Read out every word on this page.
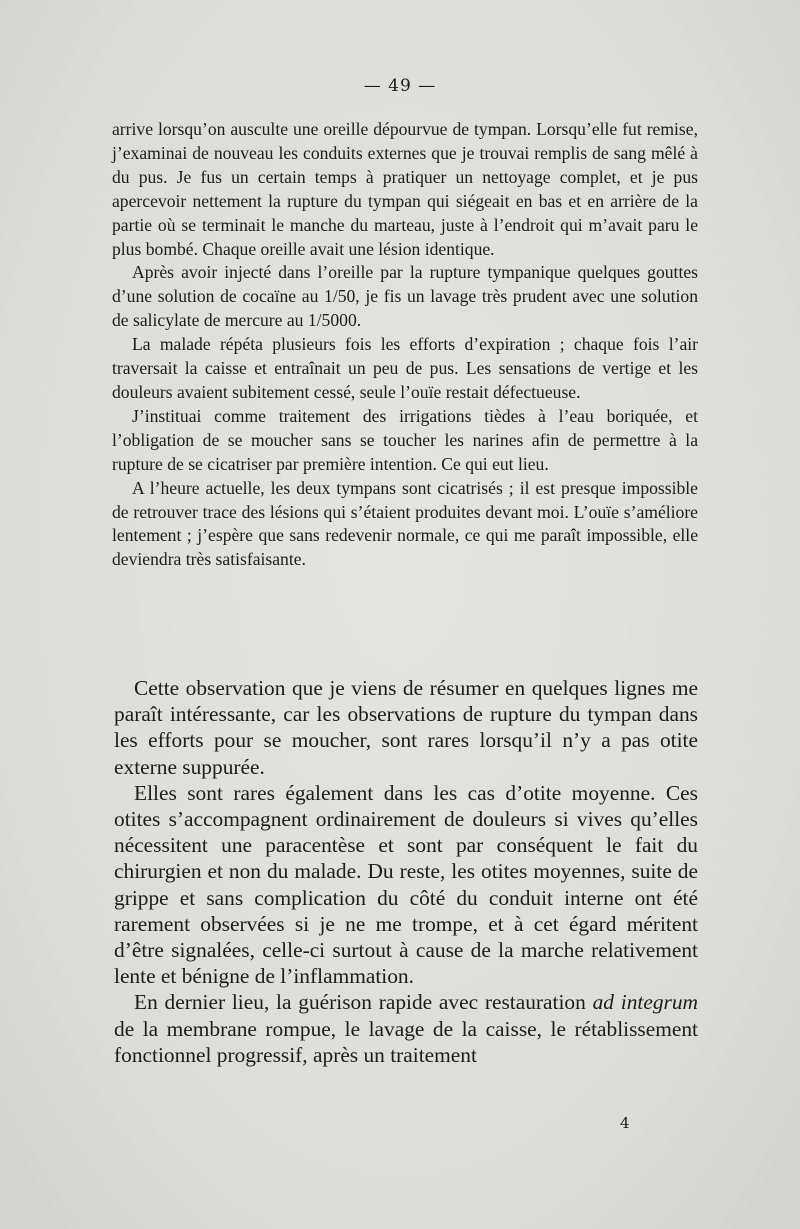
— 49 —

arrive lorsqu’on ausculte une oreille dépourvue de tympan. Lorsqu’elle fut remise, j’examinai de nouveau les conduits externes que je trouvai remplis de sang mêlé à du pus. Je fus un certain temps à pratiquer un nettoyage complet, et je pus apercevoir nettement la rupture du tympan qui siégeait en bas et en arrière de la partie où se terminait le manche du marteau, juste à l’endroit qui m’avait paru le plus bombé. Chaque oreille avait une lésion identique.

Après avoir injecté dans l’oreille par la rupture tympanique quelques gouttes d’une solution de cocaïne au 1/50, je fis un lavage très prudent avec une solution de salicylate de mercure au 1/5000.

La malade répéta plusieurs fois les efforts d’expiration ; chaque fois l’air traversait la caisse et entraînait un peu de pus. Les sensations de vertige et les douleurs avaient subitement cessé, seule l’ouïe restait défectueuse.

J’instituai comme traitement des irrigations tièdes à l’eau boriquée, et l’obligation de se moucher sans se toucher les narines afin de permettre à la rupture de se cicatriser par première intention. Ce qui eut lieu.

A l’heure actuelle, les deux tympans sont cicatrisés ; il est presque impossible de retrouver trace des lésions qui s’étaient produites devant moi. L’ouïe s’améliore lentement ; j’espère que sans redevenir normale, ce qui me paraît impossible, elle deviendra très satisfaisante.

Cette observation que je viens de résumer en quelques lignes me paraît intéressante, car les observations de rupture du tympan dans les efforts pour se moucher, sont rares lorsqu’il n’y a pas otite externe suppurée.

Elles sont rares également dans les cas d’otite moyenne. Ces otites s’accompagnent ordinairement de douleurs si vives qu’elles nécessitent une paracentèse et sont par conséquent le fait du chirurgien et non du malade. Du reste, les otites moyennes, suite de grippe et sans complication du côté du conduit interne ont été rarement observées si je ne me trompe, et à cet égard méritent d’être signalées, celle-ci surtout à cause de la marche relativement lente et bénigne de l’inflammation.

En dernier lieu, la guérison rapide avec restauration ad integrum de la membrane rompue, le lavage de la caisse, le rétablissement fonctionnel progressif, après un traitement

4
